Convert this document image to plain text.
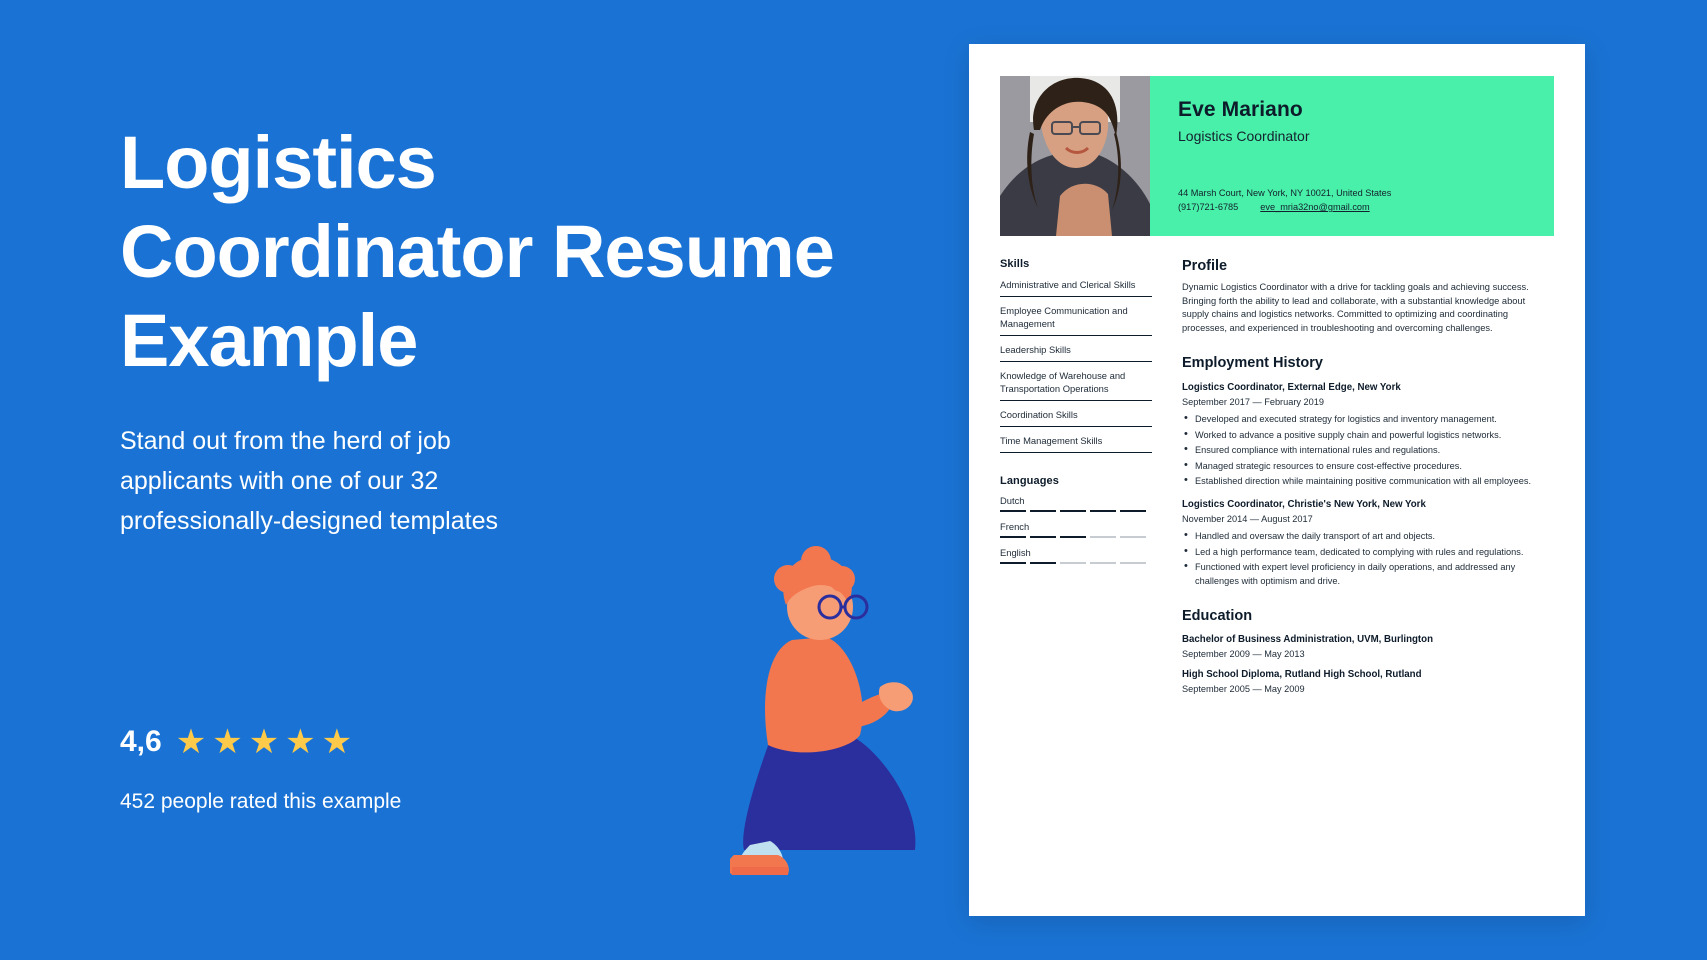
Logistics Coordinator Resume Example

Stand out from the herd of job applicants with one of our 32 professionally-designed templates

4,6 ★ ★ ★ ★ ★
452 people rated this example
Eve Mariano
Logistics Coordinator
44 Marsh Court, New York, NY 10021, United States
(917)721-6785 eve_mria32no@gmail.com
Skills
Administrative and Clerical Skills
Employee Communication and Management
Leadership Skills
Knowledge of Warehouse and Transportation Operations
Coordination Skills
Time Management Skills
Languages
Dutch
French
English
Profile
Dynamic Logistics Coordinator with a drive for tackling goals and achieving success. Bringing forth the ability to lead and collaborate, with a substantial knowledge about supply chains and logistics networks. Committed to optimizing and coordinating processes, and experienced in troubleshooting and overcoming challenges.
Employment History
Logistics Coordinator, External Edge, New York
September 2017 — February 2019
• Developed and executed strategy for logistics and inventory management.
• Worked to advance a positive supply chain and powerful logistics networks.
• Ensured compliance with international rules and regulations.
• Managed strategic resources to ensure cost-effective procedures.
• Established direction while maintaining positive communication with all employees.
Logistics Coordinator, Christie's New York, New York
November 2014 — August 2017
• Handled and oversaw the daily transport of art and objects.
• Led a high performance team, dedicated to complying with rules and regulations.
• Functioned with expert level proficiency in daily operations, and addressed any challenges with optimism and drive.
Education
Bachelor of Business Administration, UVM, Burlington
September 2009 — May 2013
High School Diploma, Rutland High School, Rutland
September 2005 — May 2009
